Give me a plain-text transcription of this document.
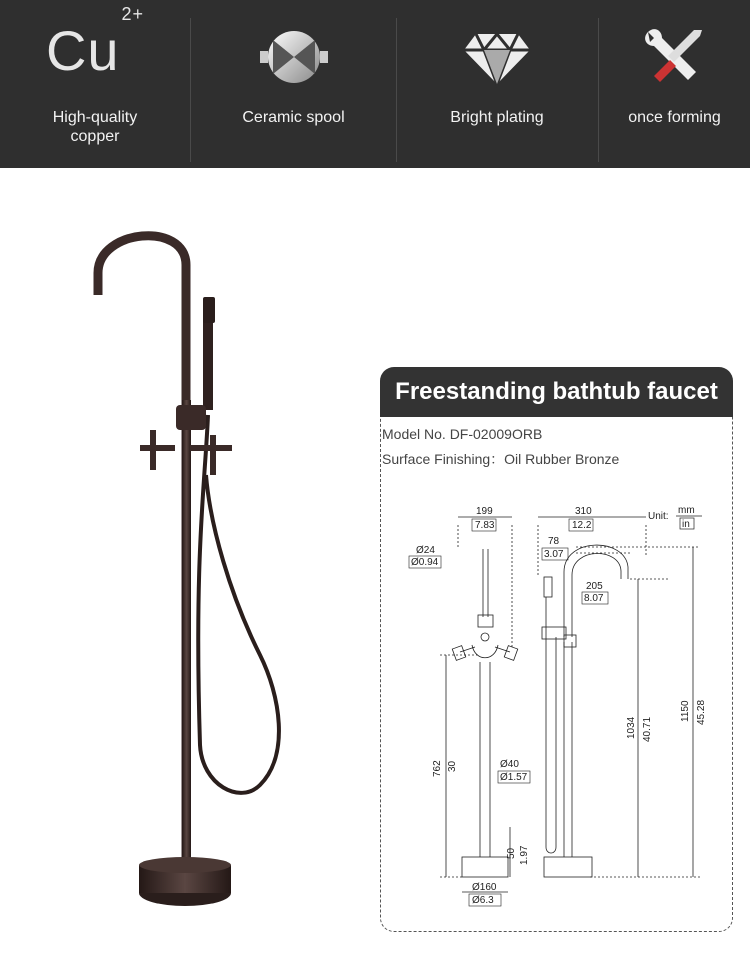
$Cu^{2+}$
High-quality
copper
Ceramic spool	Bright plating	once forming
Freestanding bathtub faucet
Model No. DF-02009ORB
Surface Finishing：Oil Rubber Bronze
Unit:
mm
in
199
7.83
Ø24
Ø0.94
762 30	Ø40
Ø1.57
50 1.97
Ø160
Ø6.3
310
12.2
78
3.07
205
8.07
1034 40.71
1150 45.28
